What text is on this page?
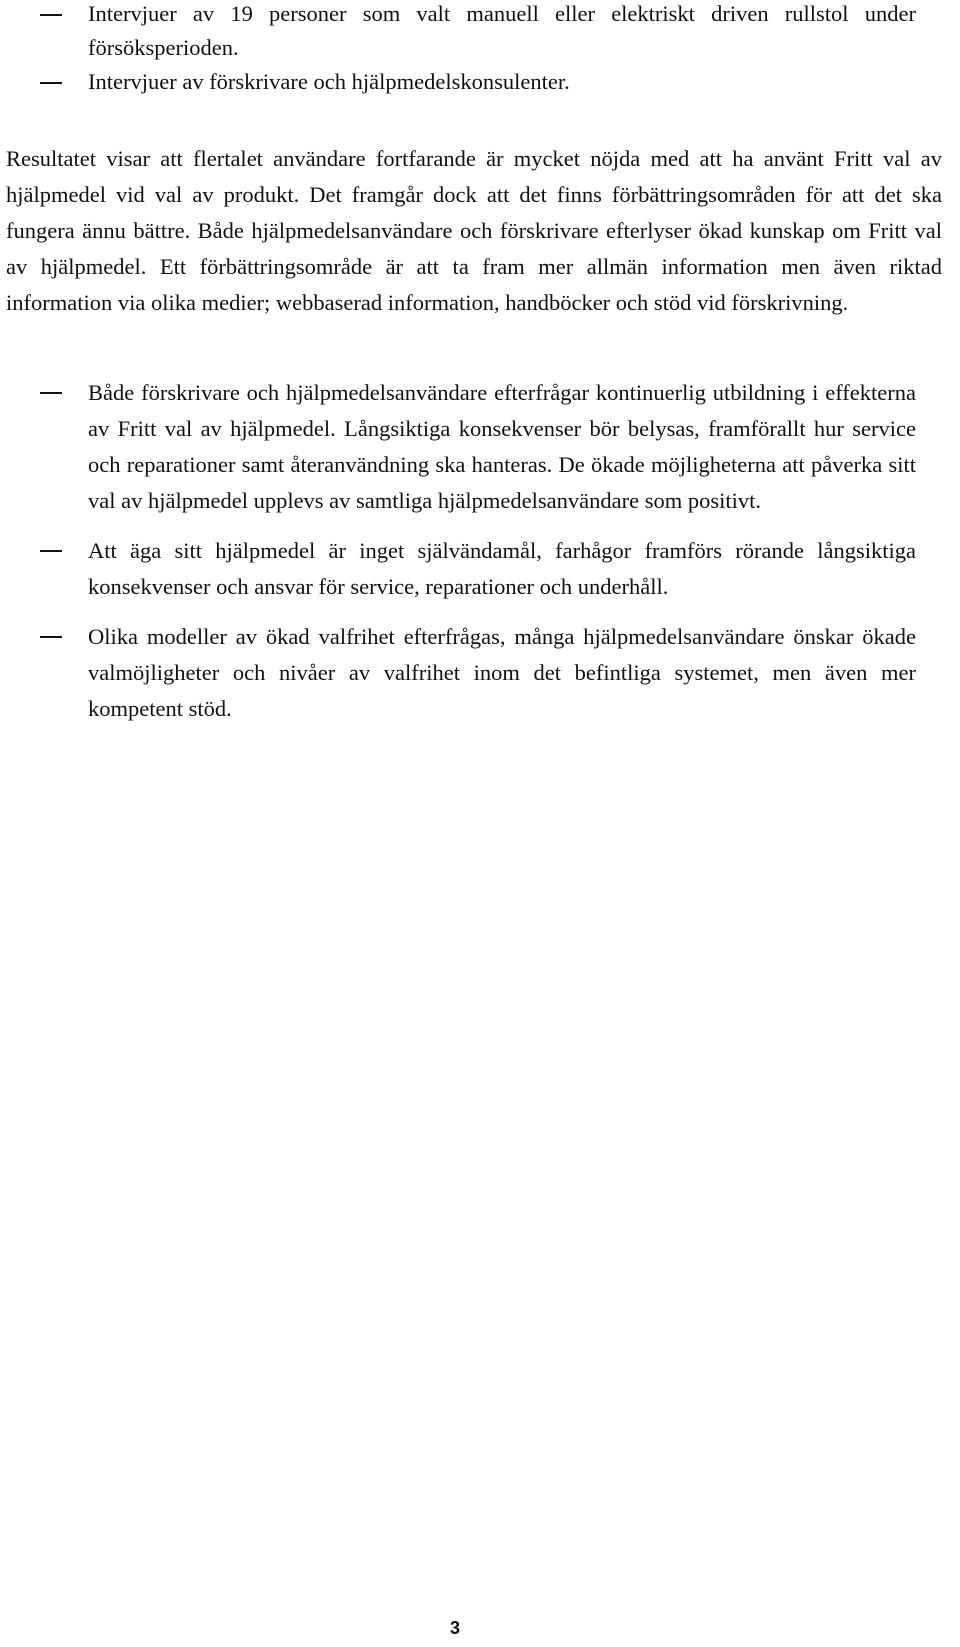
Intervjuer av 19 personer som valt manuell eller elektriskt driven rullstol under försöksperioden.
Intervjuer av förskrivare och hjälpmedelskonsulenter.

Resultatet visar att flertalet användare fortfarande är mycket nöjda med att ha använt Fritt val av hjälpmedel vid val av produkt. Det framgår dock att det finns förbättringsområden för att det ska fungera ännu bättre. Både hjälpmedelsanvändare och förskrivare efterlyser ökad kunskap om Fritt val av hjälpmedel. Ett förbättringsområde är att ta fram mer allmän information men även riktad information via olika medier; webbaserad information, handböcker och stöd vid förskrivning.

Både förskrivare och hjälpmedelsanvändare efterfrågar kontinuerlig utbildning i effekterna av Fritt val av hjälpmedel. Långsiktiga konsekvenser bör belysas, framförallt hur service och reparationer samt återanvändning ska hanteras. De ökade möjligheterna att påverka sitt val av hjälpmedel upplevs av samtliga hjälpmedelsanvändare som positivt.
Att äga sitt hjälpmedel är inget självändamål, farhågor framförs rörande långsiktiga konsekvenser och ansvar för service, reparationer och underhåll.
Olika modeller av ökad valfrihet efterfrågas, många hjälpmedelsanvändare önskar ökade valmöjligheter och nivåer av valfrihet inom det befintliga systemet, men även mer kompetent stöd.
3
